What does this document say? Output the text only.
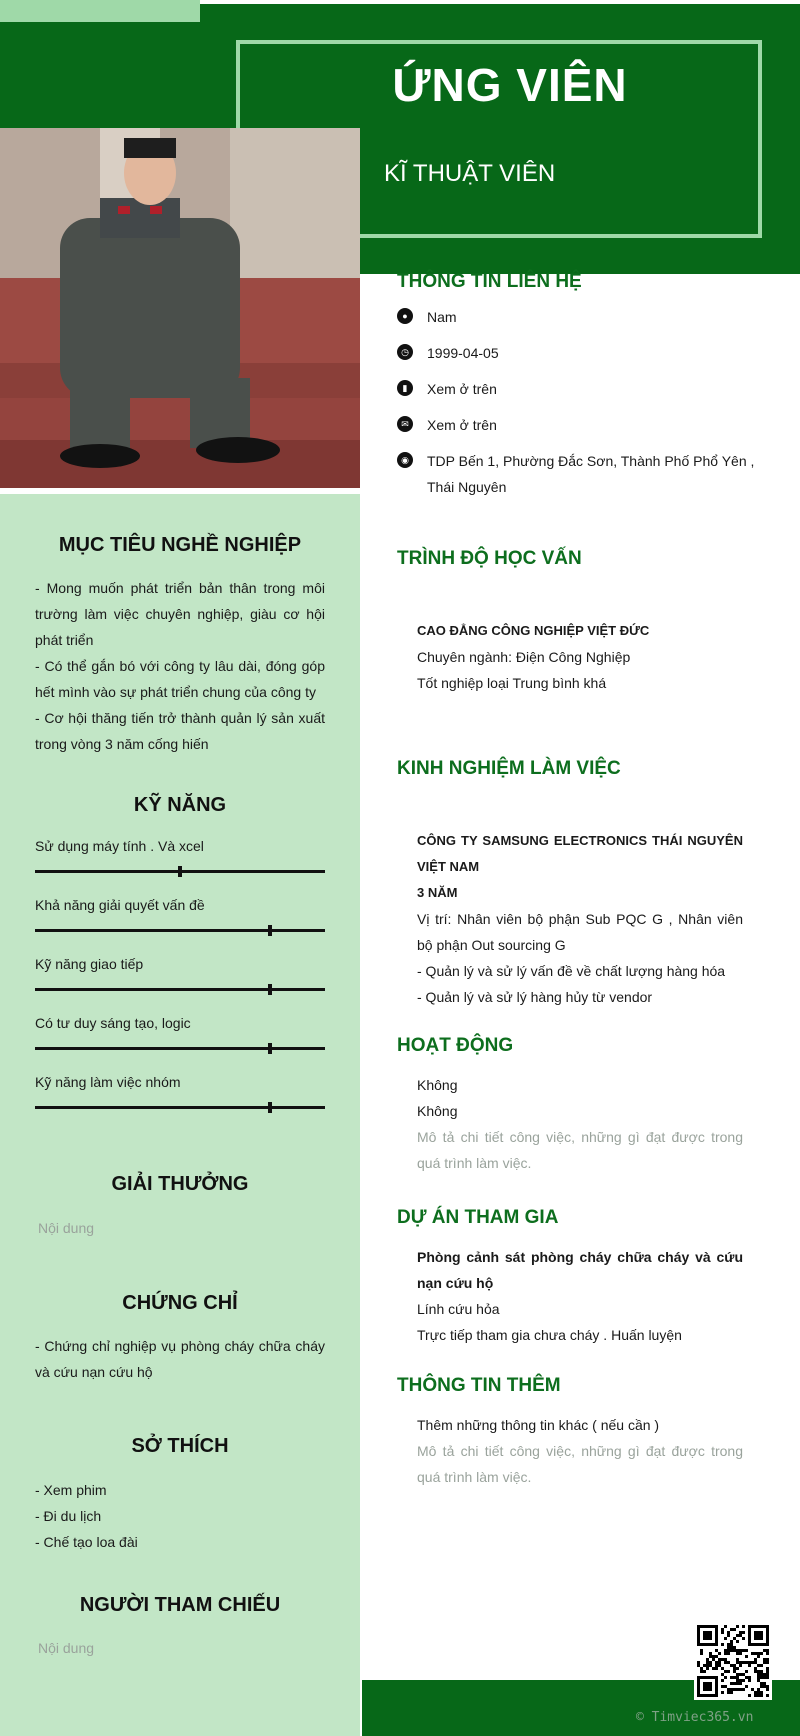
ỨNG VIÊN
KĨ THUẬT VIÊN
MỤC TIÊU NGHỀ NGHIỆP
- Mong muốn phát triển bản thân trong môi trường làm việc chuyên nghiệp, giàu cơ hội phát triển
- Có thể gắn bó với công ty lâu dài, đóng góp hết mình vào sự phát triển chung của công ty
- Cơ hội thăng tiến trở thành quản lý sản xuất trong vòng 3 năm cống hiến
KỸ NĂNG
Sử dụng máy tính . Và xcel
Khả năng giải quyết vấn đề
Kỹ năng giao tiếp
Có tư duy sáng tạo, logic
Kỹ năng làm việc nhóm
GIẢI THƯỞNG
Nội dung
CHỨNG CHỈ
- Chứng chỉ nghiệp vụ phòng cháy chữa cháy và cứu nạn cứu hộ
SỞ THÍCH
- Xem phim
- Đi du lịch
- Chế tạo loa đài
NGƯỜI THAM CHIẾU
Nội dung
THÔNG TIN LIÊN HỆ
●	Nam
◷ 1999-04-05
▮	Xem ở trên
✉	Xem ở trên
◉ TDP Bến 1, Phường Đắc Sơn, Thành Phố Phổ Yên , Thái Nguyên
TRÌNH ĐỘ HỌC VẤN
CAO ĐẲNG CÔNG NGHIỆP VIỆT ĐỨC
Chuyên ngành: Điện Công Nghiệp
Tốt nghiệp loại Trung bình khá
KINH NGHIỆM LÀM VIỆC
CÔNG TY SAMSUNG ELECTRONICS THÁI NGUYÊN VIỆT NAM
3 NĂM
Vị trí: Nhân viên bộ phận Sub PQC G , Nhân viên bộ phận Out sourcing G
- Quản lý và sử lý vấn đề về chất lượng hàng hóa
- Quản lý và sử lý hàng hủy từ vendor
HOẠT ĐỘNG
Không
Không
Mô tả chi tiết công việc, những gì đạt được trong quá trình làm việc.
DỰ ÁN THAM GIA
Phòng cảnh sát phòng cháy chữa cháy và cứu nạn cứu hộ
Lính cứu hỏa
Trực tiếp tham gia chưa cháy . Huấn luyện
THÔNG TIN THÊM
Thêm những thông tin khác ( nếu cần )
Mô tả chi tiết công việc, những gì đạt được trong quá trình làm việc.
© Timviec365.vn
